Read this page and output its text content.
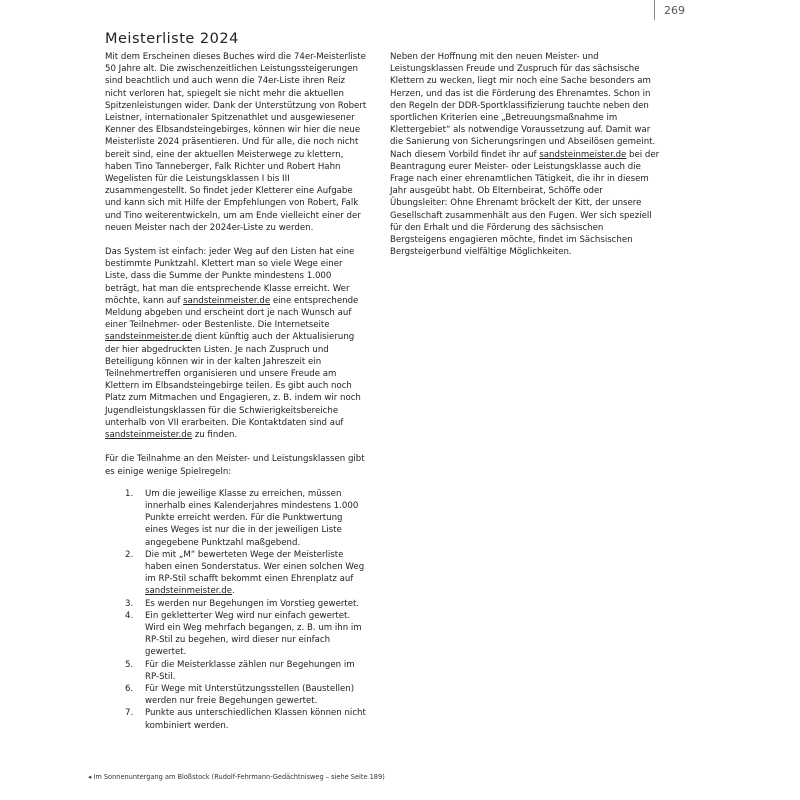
269
Meisterliste 2024

Mit dem Erscheinen dieses Buches wird die 74er-Meisterliste 50 Jahre alt. Die zwischenzeitlichen Leistungssteigerungen sind beachtlich und auch wenn die 74er-Liste ihren Reiz nicht verloren hat, spiegelt sie nicht mehr die aktuellen Spitzenleistungen wider. Dank der Unterstützung von Robert Leistner, internationaler Spitzenathlet und ausgewiesener Kenner des Elbsandsteingebirges, können wir hier die neue Meisterliste 2024 präsentieren. Und für alle, die noch nicht bereit sind, eine der aktuellen Meisterwege zu klettern, haben Tino Tanneberger, Falk Richter und Robert Hahn Wegelisten für die Leistungsklassen I bis III zusammengestellt. So findet jeder Kletterer eine Aufgabe und kann sich mit Hilfe der Empfehlungen von Robert, Falk und Tino weiterentwickeln, um am Ende vielleicht einer der neuen Meister nach der 2024er-Liste zu werden.

Das System ist einfach: jeder Weg auf den Listen hat eine bestimmte Punktzahl. Klettert man so viele Wege einer Liste, dass die Summe der Punkte mindestens 1.000 beträgt, hat man die entsprechende Klasse erreicht. Wer möchte, kann auf sandsteinmeister.de eine entsprechende Meldung abgeben und erscheint dort je nach Wunsch auf einer Teilnehmer- oder Bestenliste. Die Internetseite sandsteinmeister.de dient künftig auch der Aktualisierung der hier abgedruckten Listen. Je nach Zuspruch und Beteiligung können wir in der kalten Jahreszeit ein Teilnehmertreffen organisieren und unsere Freude am Klettern im Elbsandsteingebirge teilen. Es gibt auch noch Platz zum Mitmachen und Engagieren, z. B. indem wir noch Jugendleistungsklassen für die Schwierigkeitsbereiche unterhalb von VII erarbeiten. Die Kontaktdaten sind auf sandsteinmeister.de zu finden.

Für die Teilnahme an den Meister- und Leistungsklassen gibt es einige wenige Spielregeln:

1. Um die jeweilige Klasse zu erreichen, müssen innerhalb eines Kalenderjahres mindestens 1.000 Punkte erreicht werden. Für die Punktwertung eines Weges ist nur die in der jeweiligen Liste angegebene Punktzahl maßgebend.
2. Die mit „M“ bewerteten Wege der Meisterliste haben einen Sonderstatus. Wer einen solchen Weg im RP-Stil schafft bekommt einen Ehrenplatz auf sandsteinmeister.de.
3. Es werden nur Begehungen im Vorstieg gewertet.
4. Ein gekletterter Weg wird nur einfach gewertet. Wird ein Weg mehrfach begangen, z. B. um ihn im RP-Stil zu begehen, wird dieser nur einfach gewertet.
5. Für die Meisterklasse zählen nur Begehungen im RP-Stil.
6. Für Wege mit Unterstützungsstellen (Baustellen) werden nur freie Begehungen gewertet.
7. Punkte aus unterschiedlichen Klassen können nicht kombiniert werden.

Neben der Hoffnung mit den neuen Meister- und Leistungsklassen Freude und Zuspruch für das sächsische Klettern zu wecken, liegt mir noch eine Sache besonders am Herzen, und das ist die Förderung des Ehrenamtes. Schon in den Regeln der DDR-Sportklassifizierung tauchte neben den sportlichen Kriterien eine „Betreuungsmaßnahme im Klettergebiet“ als notwendige Voraussetzung auf. Damit war die Sanierung von Sicherungsringen und Abseilösen gemeint. Nach diesem Vorbild findet ihr auf sandsteinmeister.de bei der Beantragung eurer Meister- oder Leistungsklasse auch die Frage nach einer ehrenamtlichen Tätigkeit, die ihr in diesem Jahr ausgeübt habt. Ob Elternbeirat, Schöffe oder Übungsleiter: Ohne Ehrenamt bröckelt der Kitt, der unsere Gesellschaft zusammenhält aus den Fugen. Wer sich speziell für den Erhalt und die Förderung des sächsischen Bergsteigens engagieren möchte, findet im Sächsischen Bergsteigerbund vielfältige Möglichkeiten.

◂ Im Sonnenuntergang am Bloßstock (Rudolf-Fehrmann-Gedächtnisweg – siehe Seite 189)
